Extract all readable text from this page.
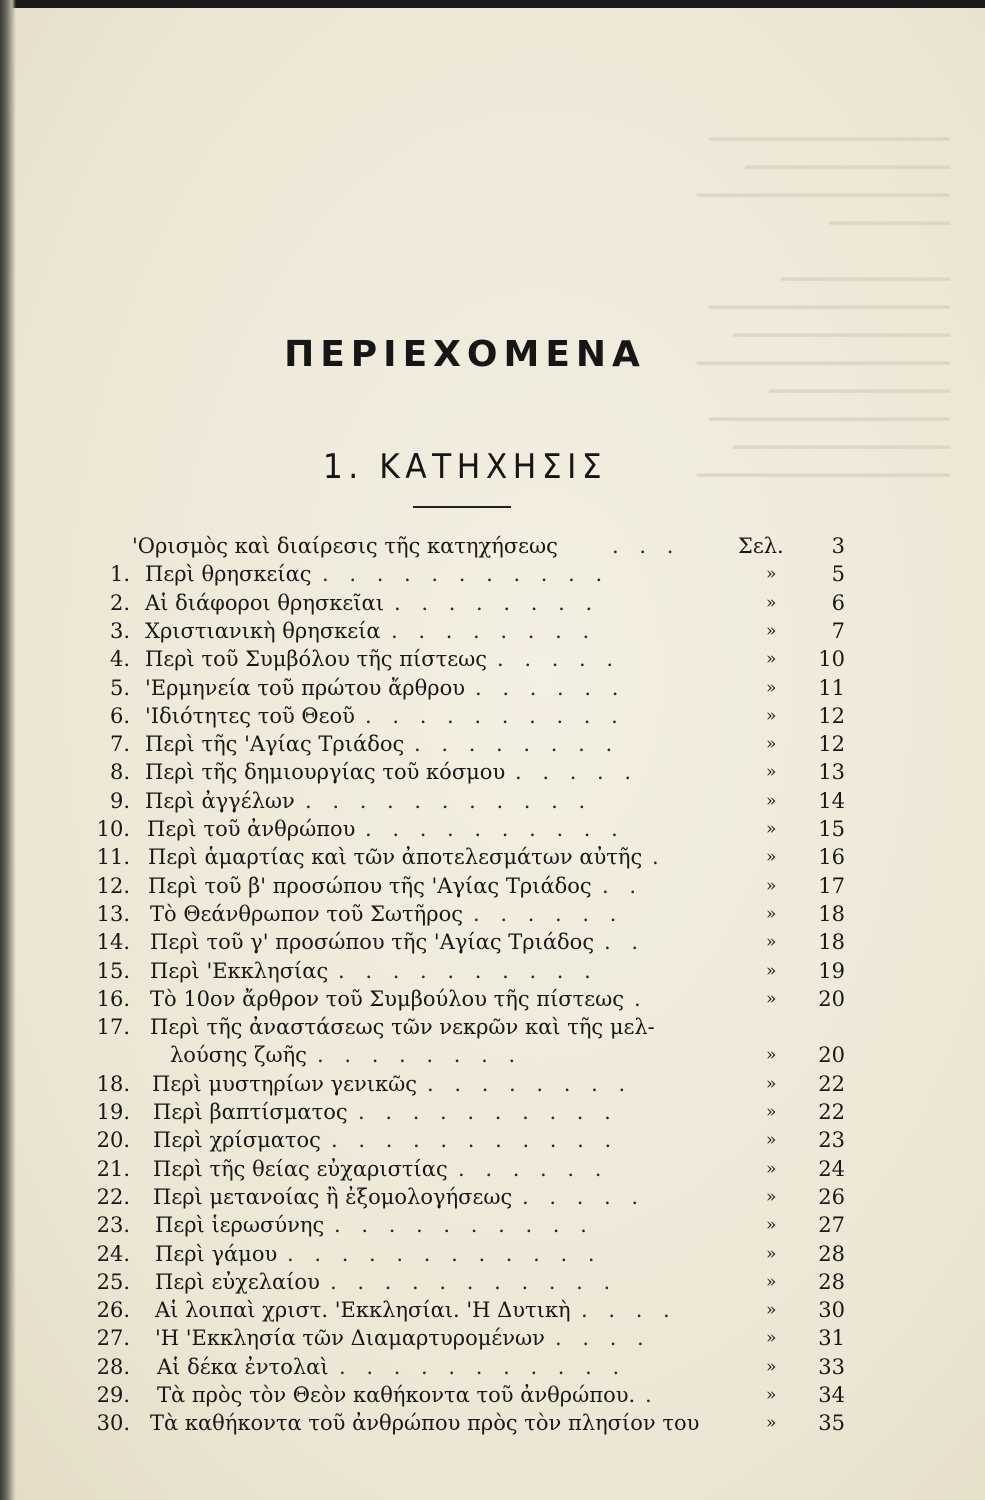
━━━━━━━━━━━━━━━━━━━━
━━━━━━━━━━━━━━━━━
━━━━━━━━━━━━━━━━━━━━━
━━━━━━━━━━

━━━━━━━━━━━━━━
━━━━━━━━━━━━━━━━━━━━
━━━━━━━━━━━━━━━━━━
━━━━━━━━━━━━━━━━━━━━━
━━━━━━━━━━━━━━━
━━━━━━━━━━━━━━━━━━━━
━━━━━━━━━━━━━━━━━━
━━━━━━━━━━━━━━━━━━━━━
ΠΕΡΙΕΧΟΜΕΝΑ
1. ΚΑΤΗΧΗΣΙΣ
'Ορισμὸς καὶ διαίρεσις τῆς κατηχήσεως	. . .	Σελ. 3
1. Περὶ θρησκείας . . . . . . . . . . .	»	5
2. Αἱ διάφοροι θρησκεῖαι . . . . . . . .	»	6
3. Χριστιανικὴ θρησκεία . . . . . . . .	»	7
4. Περὶ τοῦ Συμβόλου τῆς πίστεως . . . . .	» 10
5. 'Ερμηνεία τοῦ πρώτου ἄρθρου . . . . . .	» 11
6. 'Ιδιότητες τοῦ Θεοῦ . . . . . . . . . .	» 12
7. Περὶ τῆς 'Αγίας Τριάδος . . . . . . . .	» 12
8. Περὶ τῆς δημιουργίας τοῦ κόσμου . . . . .	» 13
9. Περὶ ἀγγέλων . . . . . . . . . . .	» 14
10. Περὶ τοῦ ἀνθρώπου . . . . . . . . . .	» 15
11. Περὶ ἁμαρτίας καὶ τῶν ἀποτελεσμάτων αὐτῆς .	» 16
12. Περὶ τοῦ β' προσώπου τῆς 'Αγίας Τριάδος . .	» 17
13. Τὸ Θεάνθρωπον τοῦ Σωτῆρος . . . . . .	» 18
14. Περὶ τοῦ γ' προσώπου τῆς 'Αγίας Τριάδος . .	» 18
15. Περὶ 'Εκκλησίας . . . . . . . . . .	» 19
16. Τὸ 10ον ἄρθρον τοῦ Συμβούλου τῆς πίστεως .	» 20
17. Περὶ τῆς ἀναστάσεως τῶν νεκρῶν καὶ τῆς μελ-
λούσης ζωῆς . . . . . . . .	» 20
18. Περὶ μυστηρίων γενικῶς . . . . . . . .	» 22
19. Περὶ βαπτίσματος . . . . . . . . . .	» 22
20. Περὶ χρίσματος . . . . . . . . . . .	» 23
21. Περὶ τῆς θείας εὐχαριστίας . . . . . .	» 24
22. Περὶ μετανοίας ἢ ἐξομολογήσεως . . . . .	» 26
23. Περὶ ἱερωσύνης . . . . . . . . . .	» 27
24. Περὶ γάμου . . . . . . . . . . . .	» 28
25. Περὶ εὐχελαίου . . . . . . . . . . .	» 28
26. Αἱ λοιπαὶ χριστ. 'Εκκλησίαι. 'Η Δυτικὴ . . . .	» 30
27. 'Η 'Εκκλησία τῶν Διαμαρτυρομένων . . . .	» 31
28. Αἱ δέκα ἐντολαὶ . . . . . . . . . . .	» 33
29. Τὰ πρὸς τὸν Θεὸν καθήκοντα τοῦ ἀνθρώπου. .	» 34
30. Τὰ καθήκοντα τοῦ ἀνθρώπου πρὸς τὸν πλησίον του	» 35
